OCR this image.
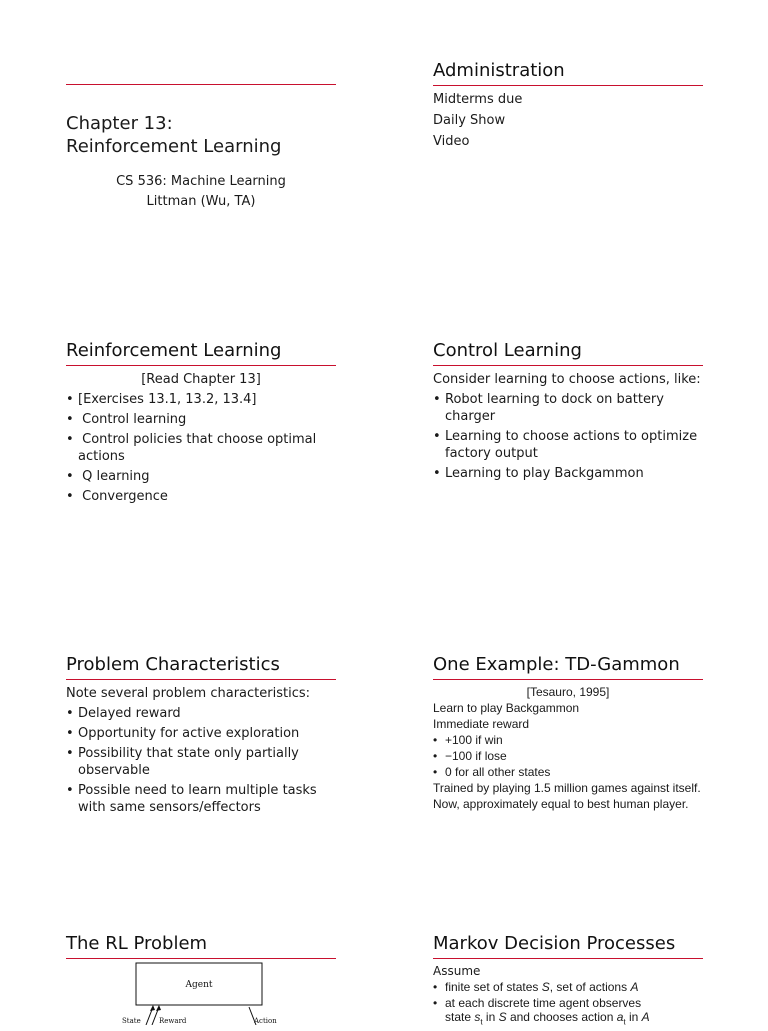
Chapter 13:
Reinforcement Learning
CS 536: Machine Learning
Littman (Wu, TA)
Administration
Midterms due
Daily Show
Video
Reinforcement Learning
[Read Chapter 13]
• [Exercises 13.1, 13.2, 13.4]
• Control learning
• Control policies that choose optimal actions
• Q learning
• Convergence
Control Learning
Consider learning to choose actions, like:
• Robot learning to dock on battery charger
• Learning to choose actions to optimize factory output
• Learning to play Backgammon
Problem Characteristics
Note several problem characteristics:
• Delayed reward
• Opportunity for active exploration
• Possibility that state only partially observable
• Possible need to learn multiple tasks with same sensors/effectors
One Example: TD-Gammon
[Tesauro, 1995]
Learn to play Backgammon
Immediate reward
• +100 if win
• −100 if lose
• 0 for all other states
Trained by playing 1.5 million games against itself.
Now, approximately equal to best human player.
The RL Problem
Agent
State	Reward	Action
Markov Decision Processes
Assume
• finite set of states S, set of actions A
• at each discrete time agent observes
state $s_t$ in S and chooses action $a_t$ in A
